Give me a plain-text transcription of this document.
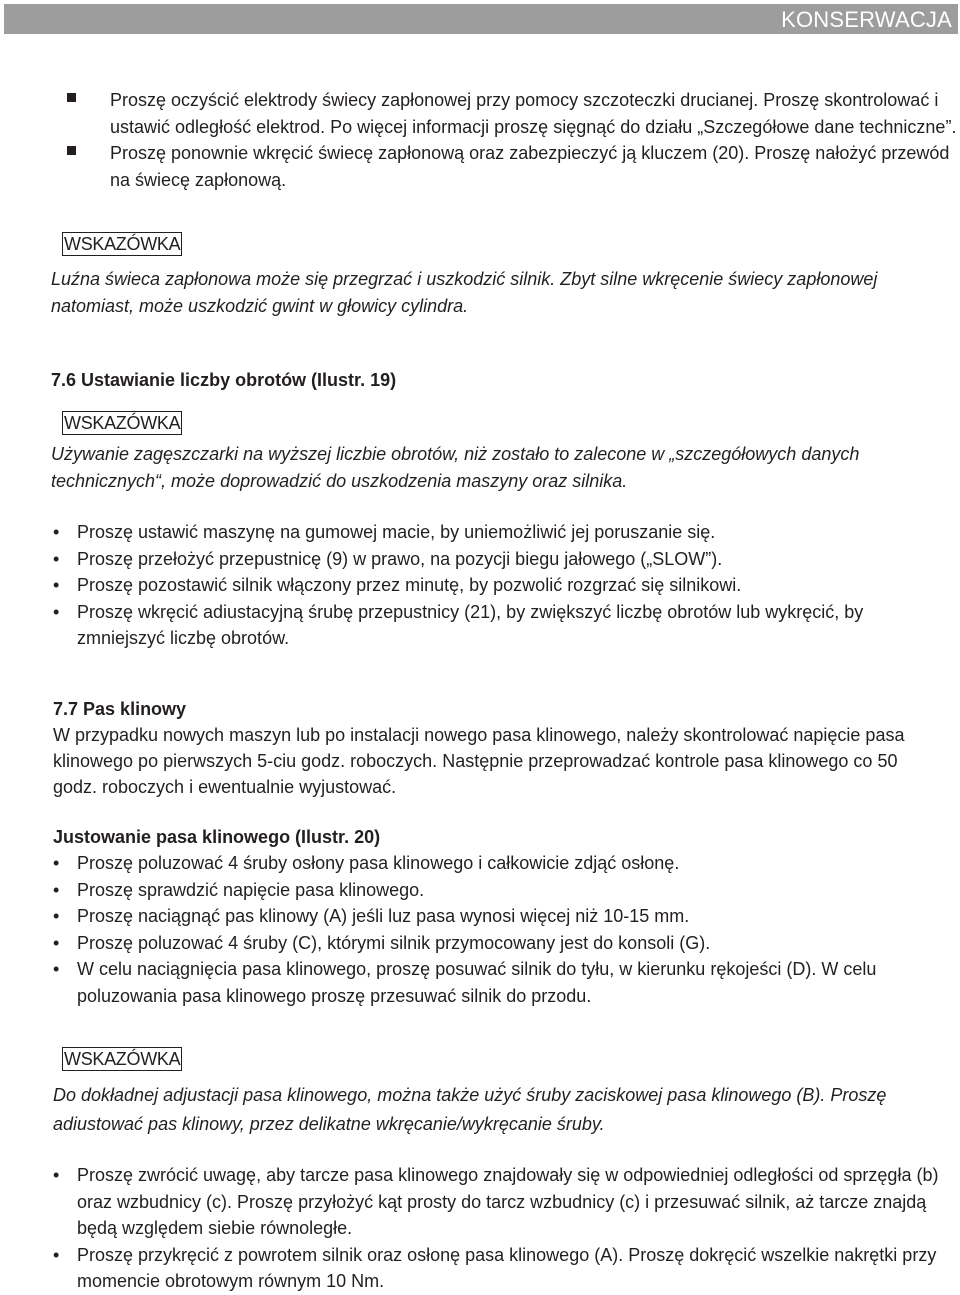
KONSERWACJA
Proszę oczyścić elektrody świecy zapłonowej przy pomocy szczoteczki drucianej. Proszę skontrolować i ustawić odległość elektrod. Po więcej informacji proszę sięgnąć do działu „Szczegółowe dane techniczne”.
Proszę ponownie wkręcić świecę zapłonową oraz zabezpieczyć ją kluczem (20). Proszę nałożyć przewód na świecę zapłonową.
WSKAZÓWKA
Luźna świeca zapłonowa może się przegrzać i uszkodzić silnik. Zbyt silne wkręcenie świecy zapłonowej natomiast, może uszkodzić gwint w głowicy cylindra.
7.6 Ustawianie liczby obrotów (Ilustr. 19)
WSKAZÓWKA
Używanie zagęszczarki na wyższej liczbie obrotów, niż zostało to zalecone w „szczegółowych danych technicznych“, może doprowadzić do uszkodzenia maszyny oraz silnika.
• Proszę ustawić maszynę na gumowej macie, by uniemożliwić jej poruszanie się.
• Proszę przełożyć przepustnicę (9) w prawo, na pozycji biegu jałowego („SLOW”).
• Proszę pozostawić silnik włączony przez minutę, by pozwolić rozgrzać się silnikowi.
• Proszę wkręcić adiustacyjną śrubę przepustnicy (21), by zwiększyć liczbę obrotów lub wykręcić, by zmniejszyć liczbę obrotów.
7.7 Pas klinowy
W przypadku nowych maszyn lub po instalacji nowego pasa klinowego, należy skontrolować napięcie pasa klinowego po pierwszych 5-ciu godz. roboczych. Następnie przeprowadzać kontrole pasa klinowego co 50 godz. roboczych i ewentualnie wyjustować.
Justowanie pasa klinowego (Ilustr. 20)
• Proszę poluzować 4 śruby osłony pasa klinowego i całkowicie zdjąć osłonę.
• Proszę sprawdzić napięcie pasa klinowego.
• Proszę naciągnąć pas klinowy (A) jeśli luz pasa wynosi więcej niż 10-15 mm.
• Proszę poluzować 4 śruby (C), którymi silnik przymocowany jest do konsoli (G).
• W celu naciągnięcia pasa klinowego, proszę posuwać silnik do tyłu, w kierunku rękojeści (D). W celu poluzowania pasa klinowego proszę przesuwać silnik do przodu.
WSKAZÓWKA
Do dokładnej adjustacji pasa klinowego, można także użyć śruby zaciskowej pasa klinowego (B). Proszę adiustować pas klinowy, przez delikatne wkręcanie/wykręcanie śruby.
• Proszę zwrócić uwagę, aby tarcze pasa klinowego znajdowały się w odpowiedniej odległości od sprzęgła (b) oraz wzbudnicy (c). Proszę przyłożyć kąt prosty do tarcz wzbudnicy (c) i przesuwać silnik, aż tarcze znajdą będą względem siebie równoległe.
• Proszę przykręcić z powrotem silnik oraz osłonę pasa klinowego (A). Proszę dokręcić wszelkie nakrętki przy momencie obrotowym równym 10 Nm.
